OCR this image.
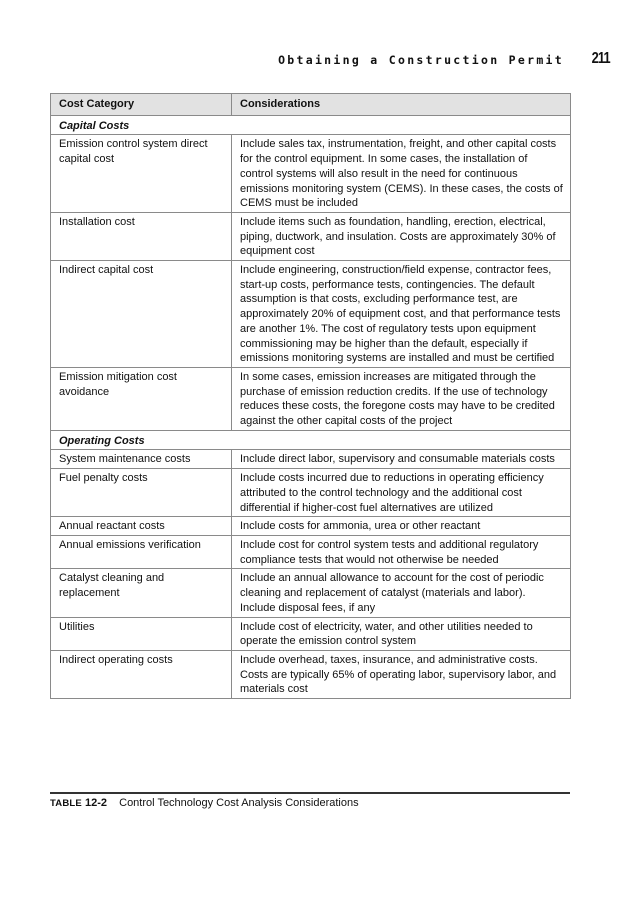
Obtaining a Construction Permit 211
Cost Category	Considerations
Capital Costs	
Emission control system direct capital cost	Include sales tax, instrumentation, freight, and other capital costs for the control equipment. In some cases, the installation of control systems will also result in the need for continuous emissions monitoring system (CEMS). In these cases, the costs of CEMS must be included
Installation cost	Include items such as foundation, handling, erection, electrical, piping, ductwork, and insulation. Costs are approximately 30% of equipment cost
Indirect capital cost	Include engineering, construction/field expense, contractor fees, start-up costs, performance tests, contingencies. The default assumption is that costs, excluding performance test, are approximately 20% of equipment cost, and that performance tests are another 1%. The cost of regulatory tests upon equipment commissioning may be higher than the default, especially if emissions monitoring systems are installed and must be certified
Emission mitigation cost avoidance	In some cases, emission increases are mitigated through the purchase of emission reduction credits. If the use of technology reduces these costs, the foregone costs may have to be credited against the other capital costs of the project
Operating Costs	
System maintenance costs	Include direct labor, supervisory and consumable materials costs
Fuel penalty costs	Include costs incurred due to reductions in operating efficiency attributed to the control technology and the additional cost differential if higher-cost fuel alternatives are utilized
Annual reactant costs	Include costs for ammonia, urea or other reactant
Annual emissions verification	Include cost for control system tests and additional regulatory compliance tests that would not otherwise be needed
Catalyst cleaning and replacement	Include an annual allowance to account for the cost of periodic cleaning and replacement of catalyst (materials and labor). Include disposal fees, if any
Utilities	Include cost of electricity, water, and other utilities needed to operate the emission control system
Indirect operating costs	Include overhead, taxes, insurance, and administrative costs. Costs are typically 65% of operating labor, supervisory labor, and materials cost
TABLE 12-2 Control Technology Cost Analysis Considerations
